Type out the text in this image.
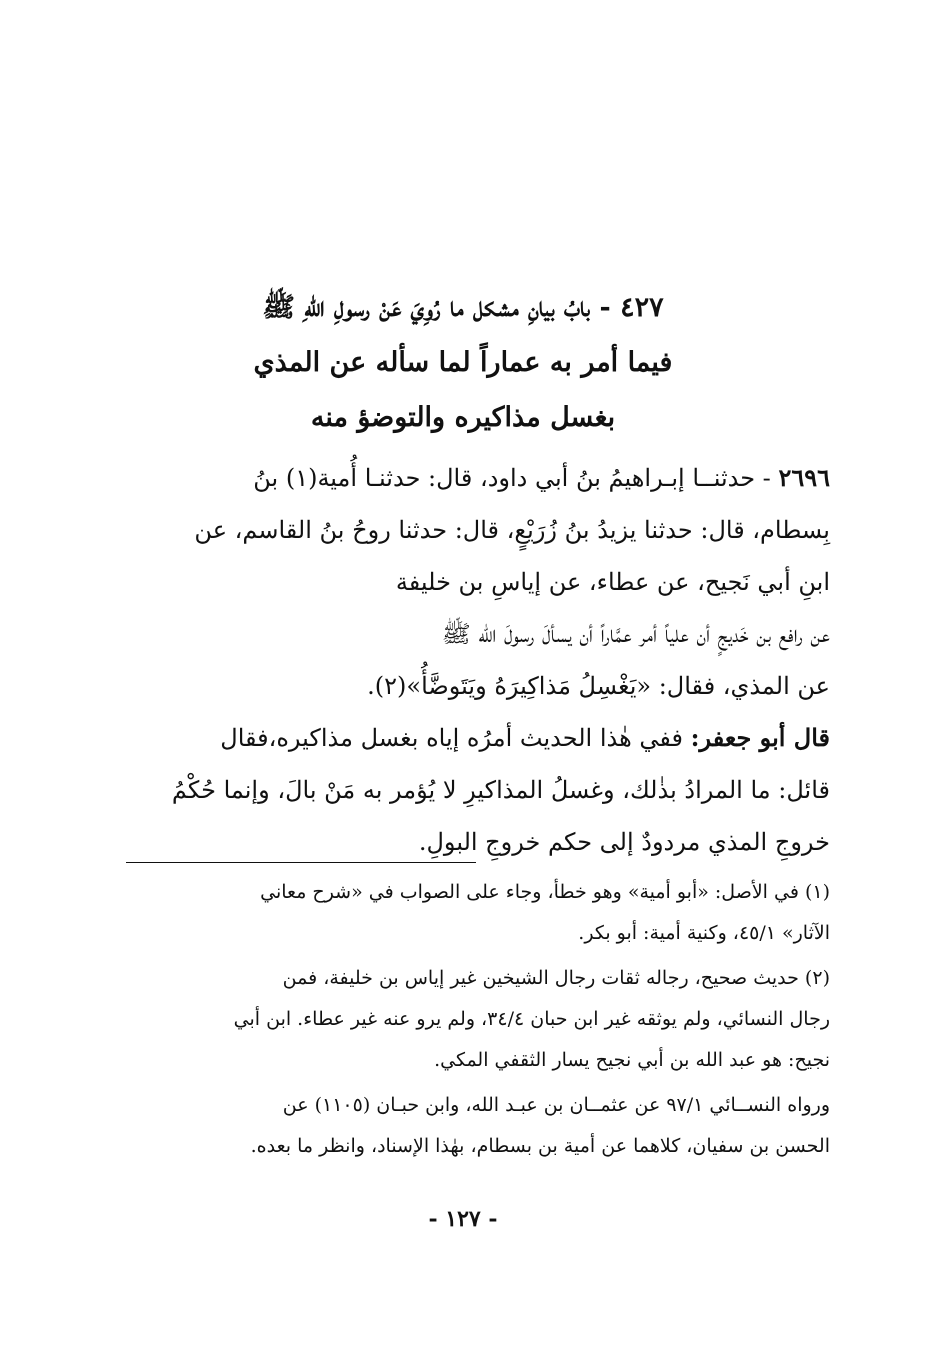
٤٢٧ - بابُ بيانِ مشكل ما رُوِيَ عَنْ رسولِ اللهِ ﷺ
فيما أمر به عماراً لما سأله عن المذي
بغسل مذاكيره والتوضؤ منه
٢٦٩٦ - حدثنــا إبـراهيمُ بنُ أبي داود، قال: حدثنـا أُمية(١) بنُ
بِسطام، قال: حدثنا يزيدُ بنُ زُرَيْعٍ، قال: حدثنا روحُ بنُ القاسم، عن
ابنِ أبي نَجيح، عن عطاء، عن إياسِ بن خليفة
عن رافع بن خَديجٍ أن علياً أمر عمَّاراً أن يسألَ رسولَ الله ﷺ
عن المذي، فقال: «يَغْسِلُ مَذاكِيرَهُ ويَتَوضَّأُ»(٢).
قال أبو جعفر: ففي هٰذا الحديث أمرُه إياه بغسل مذاكيره،فقال
قائل: ما المرادُ بذٰلك، وغسلُ المذاكيرِ لا يُؤمر به مَنْ بالَ، وإنما حُكْمُ
خروجِ المذي مردودٌ إلى حكم خروجِ البولِ.
(١) في الأصل: «أبو أمية» وهو خطأ، وجاء على الصواب في «شرح معاني
الآثار» ٤٥/١، وكنية أمية: أبو بكر.
(٢) حديث صحيح، رجاله ثقات رجال الشيخين غير إياس بن خليفة، فمن
رجال النسائي، ولم يوثقه غير ابن حبان ٣٤/٤، ولم يرو عنه غير عطاء. ابن أبي
نجيح: هو عبد الله بن أبي نجيح يسار الثقفي المكي.
ورواه النســائي ٩٧/١ عن عثمــان بن عبـد الله، وابن حبـان (١١٠٥) عن
الحسن بن سفيان، كلاهما عن أمية بن بسطام، بهٰذا الإسناد، وانظر ما بعده.
- ١٢٧ -
